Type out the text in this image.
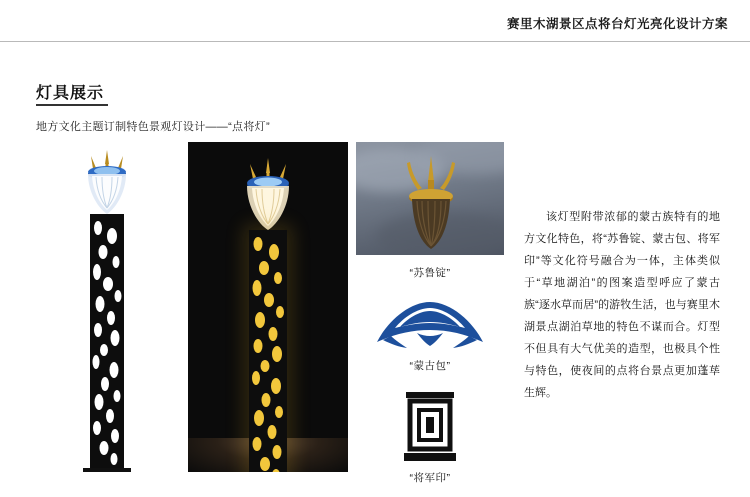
赛里木湖景区点将台灯光亮化设计方案
灯具展示
地方文化主题订制特色景观灯设计——“点将灯”
“苏鲁锭”
“蒙古包”
“将军印”
该灯型附带浓郁的蒙古族特有的地方文化特色，将“苏鲁锭、蒙古包、将军印”等文化符号融合为一体，主体类似于“草地湖泊”的图案造型呼应了蒙古族“逐水草而居”的游牧生活，也与赛里木湖景点湖泊草地的特色不谋而合。灯型不但具有大气优美的造型，也极具个性与特色，使夜间的点将台景点更加蓬荜生辉。
